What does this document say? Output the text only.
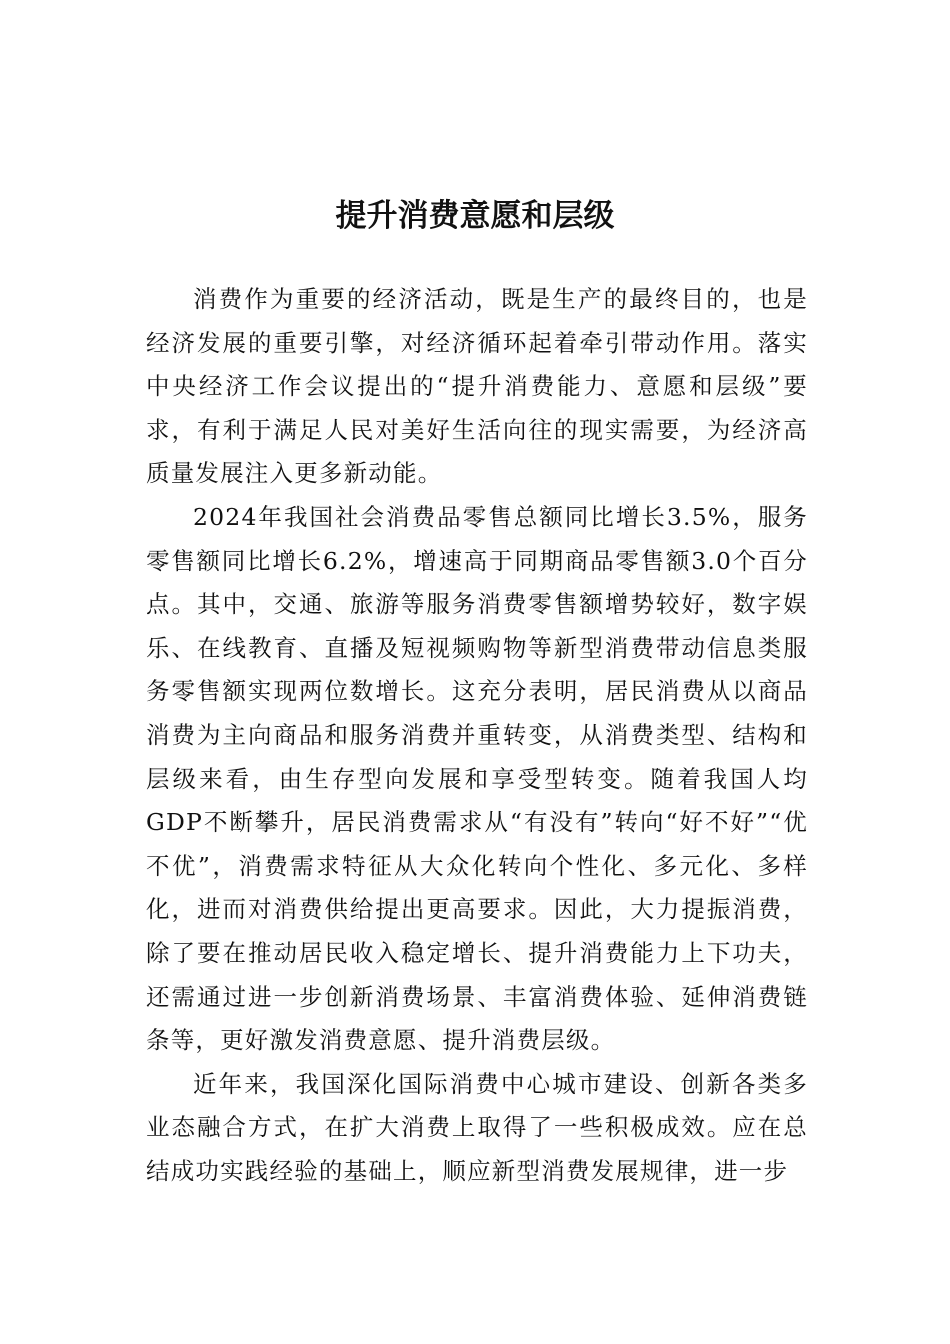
提升消费意愿和层级

消费作为重要的经济活动，既是生产的最终目的，也是经济发展的重要引擎，对经济循环起着牵引带动作用。落实中央经济工作会议提出的“提升消费能力、意愿和层级”要求，有利于满足人民对美好生活向往的现实需要，为经济高质量发展注入更多新动能。

2024年我国社会消费品零售总额同比增长3.5%，服务零售额同比增长6.2%，增速高于同期商品零售额3.0个百分点。其中，交通、旅游等服务消费零售额增势较好，数字娱乐、在线教育、直播及短视频购物等新型消费带动信息类服务零售额实现两位数增长。这充分表明，居民消费从以商品消费为主向商品和服务消费并重转变，从消费类型、结构和层级来看，由生存型向发展和享受型转变。随着我国人均GDP不断攀升，居民消费需求从“有没有”转向“好不好”“优不优”，消费需求特征从大众化转向个性化、多元化、多样化，进而对消费供给提出更高要求。因此，大力提振消费，除了要在推动居民收入稳定增长、提升消费能力上下功夫，还需通过进一步创新消费场景、丰富消费体验、延伸消费链条等，更好激发消费意愿、提升消费层级。

近年来，我国深化国际消费中心城市建设、创新各类多业态融合方式，在扩大消费上取得了一些积极成效。应在总结成功实践经验的基础上，顺应新型消费发展规律，进一步
